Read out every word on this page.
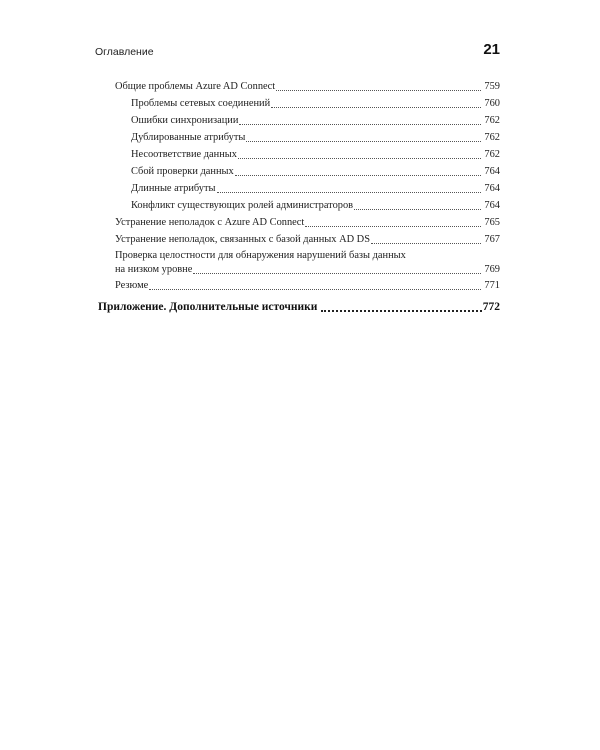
Оглавление	21
Общие проблемы Azure AD Connect	759
Проблемы сетевых соединений	760
Ошибки синхронизации	762
Дублированные атрибуты	762
Несоответствие данных	762
Сбой проверки данных	764
Длинные атрибуты	764
Конфликт существующих ролей администраторов	764
Устранение неполадок с Azure AD Connect	765
Устранение неполадок, связанных с базой данных AD DS	767
Проверка целостности для обнаружения нарушений базы данных
на низком уровне	769
Резюме	771
Приложение. Дополнительные источники	772
